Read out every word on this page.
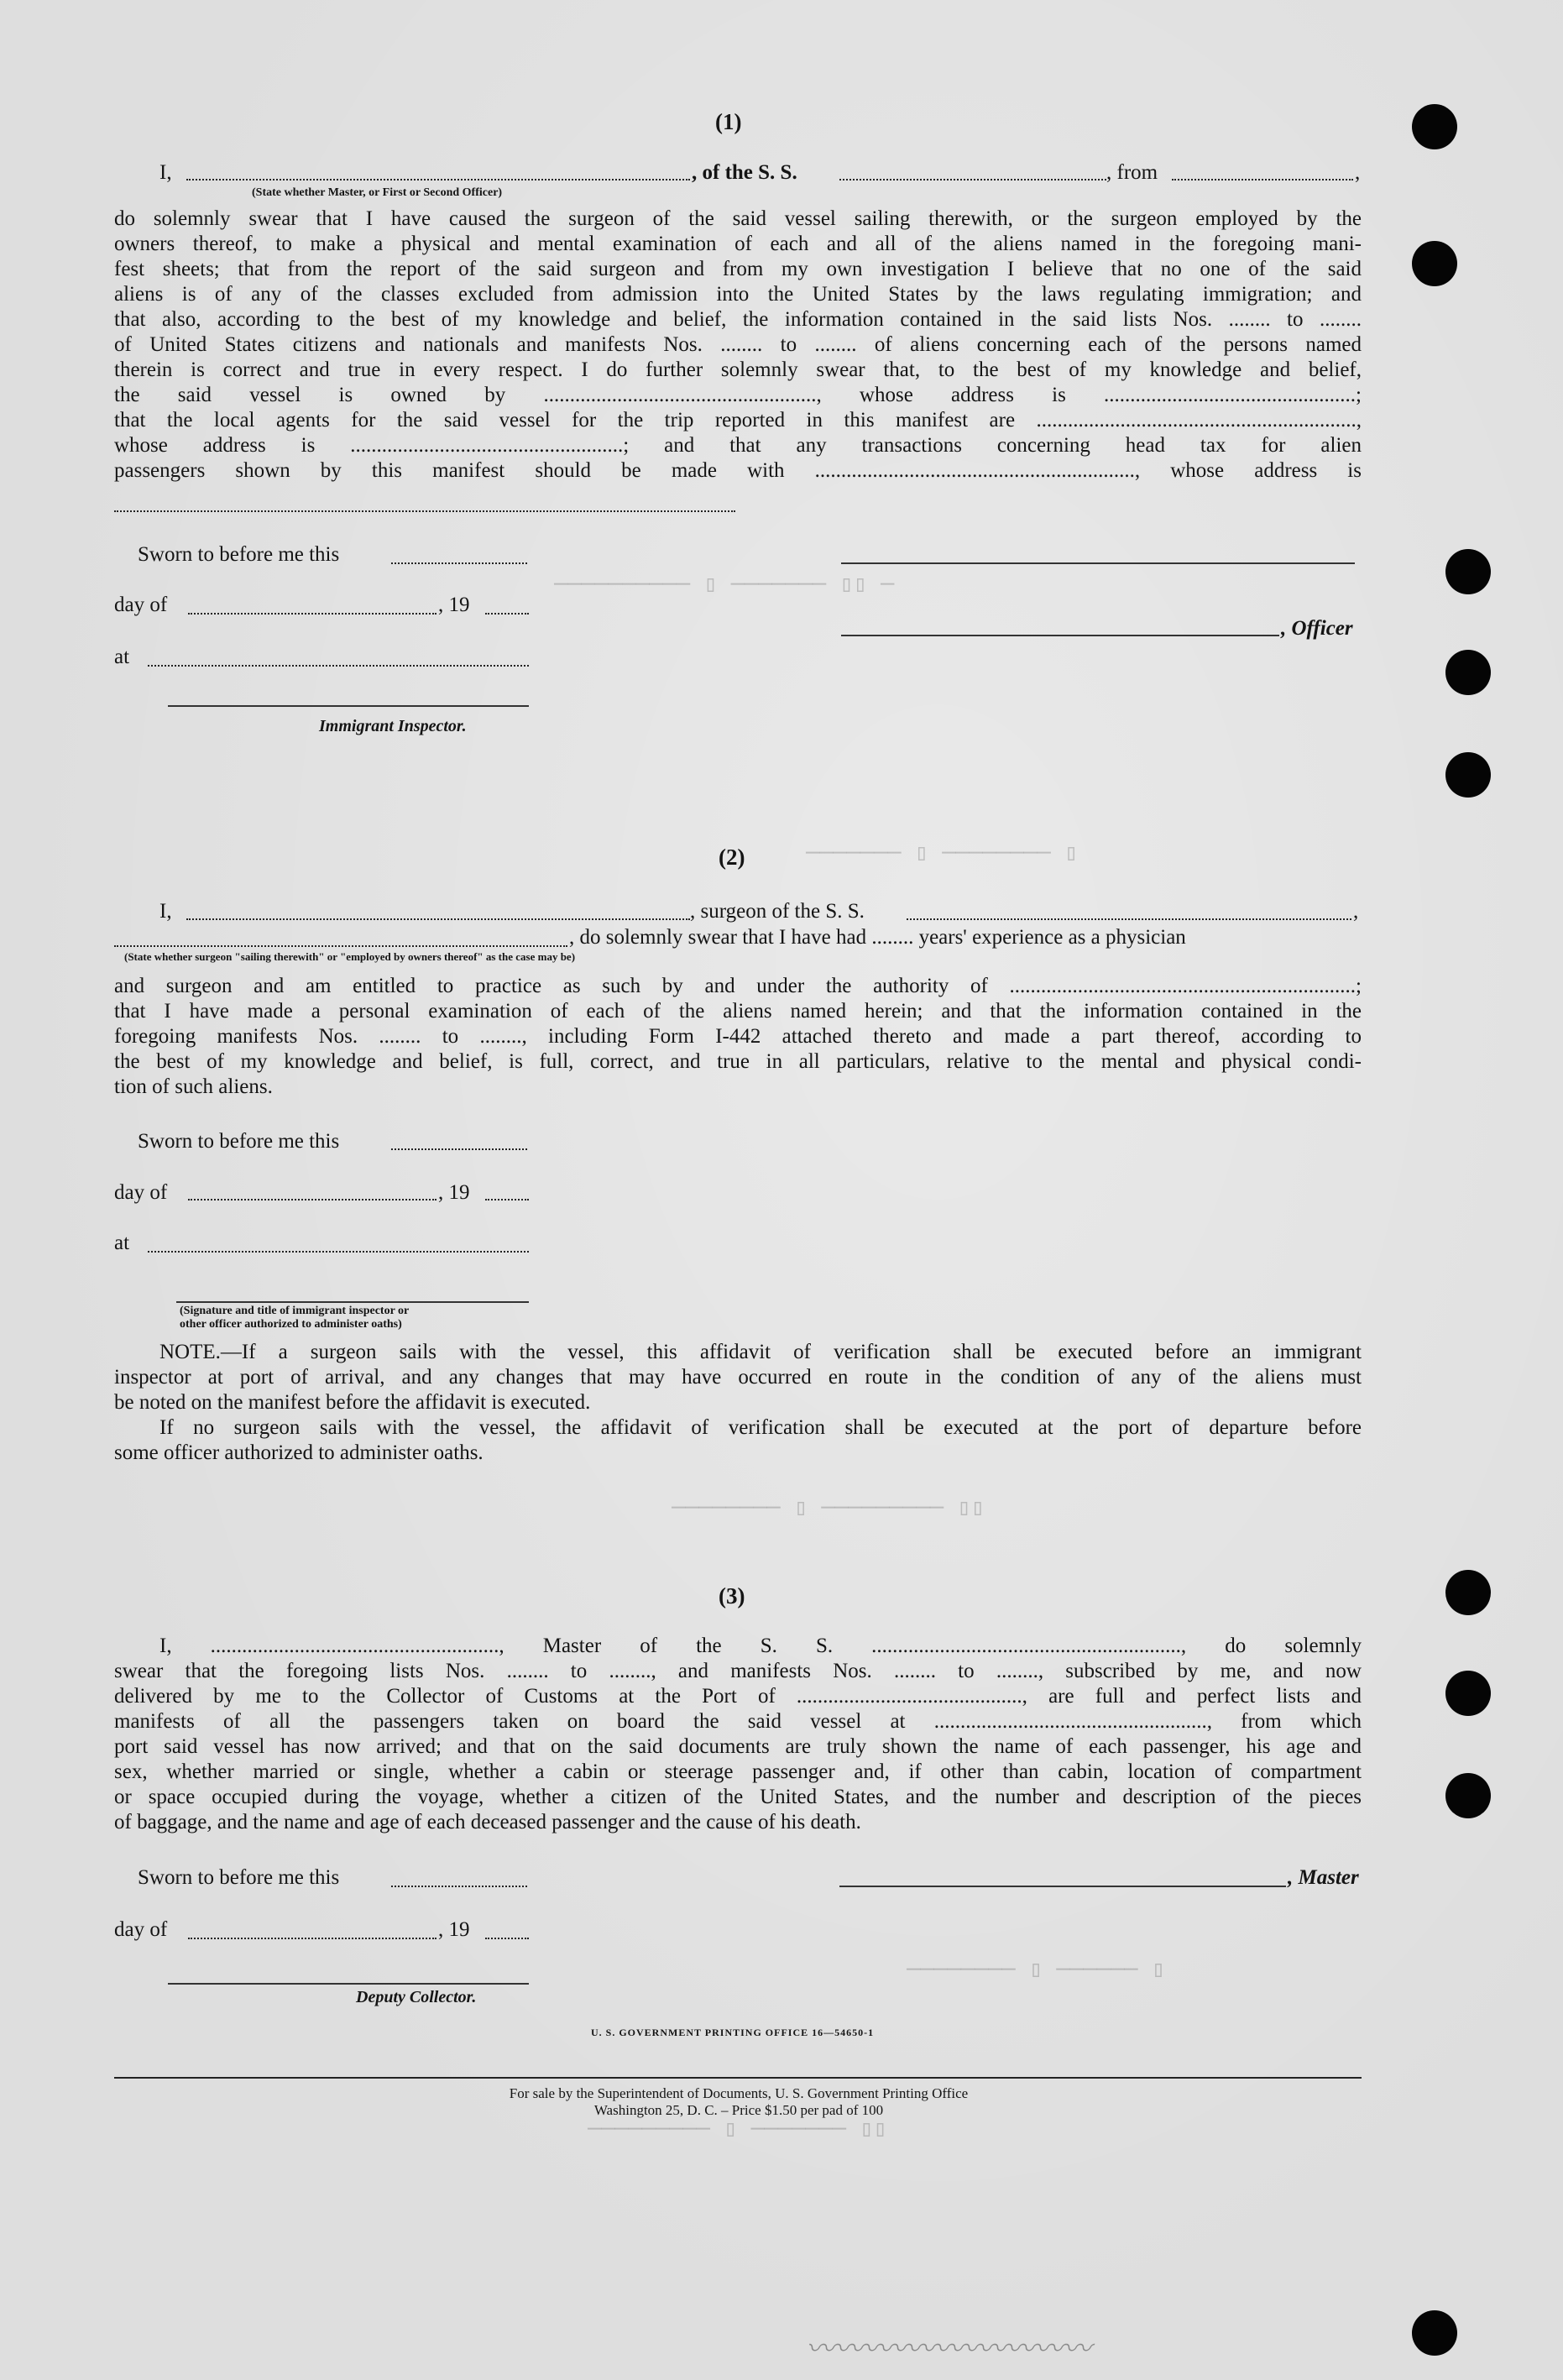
────────── ▯ ─────── ▯▯ ─
─────── ▯ ──────── ▯
──────── ▯ ───────── ▯▯
──────── ▯ ────── ▯
───────── ▯ ─────── ▯▯
〰〰〰〰〰〰〰〰〰〰
(1)
I,	, of the S. S.	, from	,
(State whether Master, or First or Second Officer)
do solemnly swear that I have caused the surgeon of the said vessel sailing therewith, or the surgeon employed by the
owners thereof, to make a physical and mental examination of each and all of the aliens named in the foregoing mani-
fest sheets; that from the report of the said surgeon and from my own investigation I believe that no one of the said
aliens is of any of the classes excluded from admission into the United States by the laws regulating immigration; and
that also, according to the best of my knowledge and belief, the information contained in the said lists Nos. ........ to ........
of United States citizens and nationals and manifests Nos. ........ to ........ of aliens concerning each of the persons named
therein is correct and true in every respect. I do further solemnly swear that, to the best of my knowledge and belief,
the said vessel is owned by ...................................................., whose address is ................................................;
that the local agents for the said vessel for the trip reported in this manifest are .............................................................,
whose address is ....................................................; and that any transactions concerning head tax for alien
passengers shown by this manifest should be made with ............................................................., whose address is
Sworn to before me this
day of	, 19
, Officer
at
Immigrant Inspector.
(2)
I,	, surgeon of the S. S.	,
, do solemnly swear that I have had ........ years' experience as a physician
(State whether surgeon "sailing therewith" or "employed by owners thereof" as the case may be)
and surgeon and am entitled to practice as such by and under the authority of ..................................................................;
that I have made a personal examination of each of the aliens named herein; and that the information contained in the
foregoing manifests Nos. ........ to ........, including Form I-442 attached thereto and made a part thereof, according to
the best of my knowledge and belief, is full, correct, and true in all particulars, relative to the mental and physical condi-
tion of such aliens.
Sworn to before me this
day of	, 19
at
(Signature and title of immigrant inspector or
other officer authorized to administer oaths)
NOTE.—If a surgeon sails with the vessel, this affidavit of verification shall be executed before an immigrant
inspector at port of arrival, and any changes that may have occurred en route in the condition of any of the aliens must
be noted on the manifest before the affidavit is executed.
If no surgeon sails with the vessel, the affidavit of verification shall be executed at the port of departure before
some officer authorized to administer oaths.
(3)
I, ......................................................., Master of the S. S. ..........................................................., do solemnly
swear that the foregoing lists Nos. ........ to ........, and manifests Nos. ........ to ........, subscribed by me, and now
delivered by me to the Collector of Customs at the Port of ..........................................., are full and perfect lists and
manifests of all the passengers taken on board the said vessel at ...................................................., from which
port said vessel has now arrived; and that on the said documents are truly shown the name of each passenger, his age and
sex, whether married or single, whether a cabin or steerage passenger and, if other than cabin, location of compartment
or space occupied during the voyage, whether a citizen of the United States, and the number and description of the pieces
of baggage, and the name and age of each deceased passenger and the cause of his death.
Sworn to before me this	, Master
day of	, 19
Deputy Collector.
U. S. GOVERNMENT PRINTING OFFICE 16—54650-1
For sale by the Superintendent of Documents, U. S. Government Printing Office
Washington 25, D. C. – Price $1.50 per pad of 100
